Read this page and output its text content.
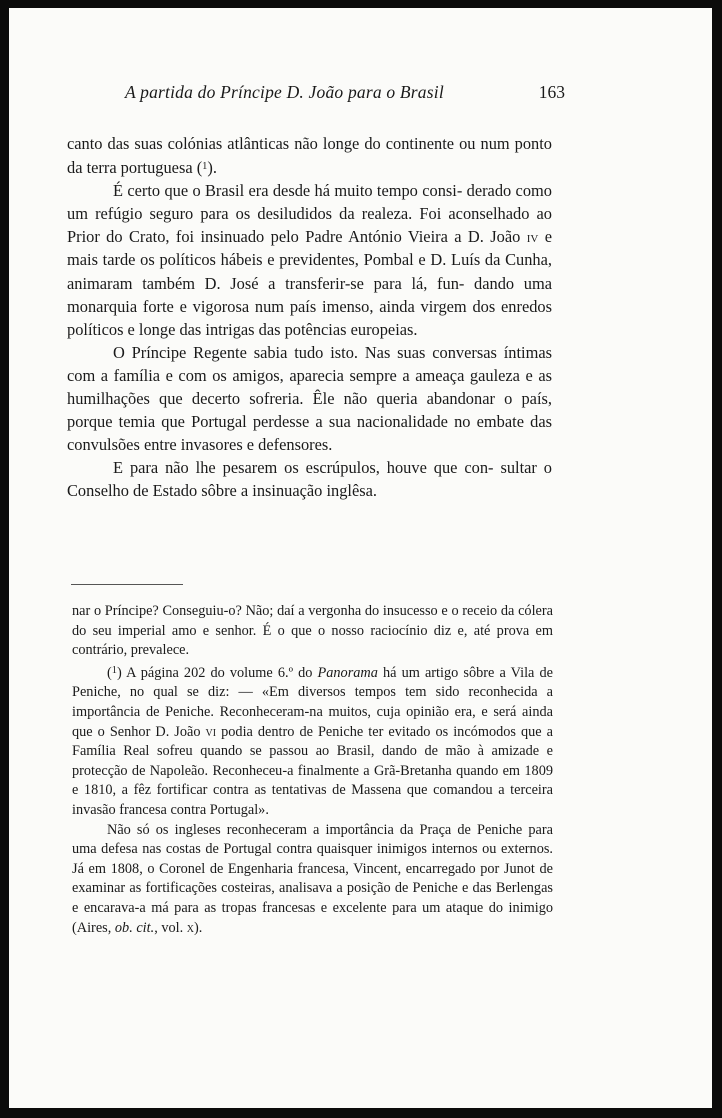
A partida do Príncipe D. João para o Brasil	163

canto das suas colónias atlânticas não longe do continente ou num ponto da terra portuguesa ($^1$).

É certo que o Brasil era desde há muito tempo consi- derado como um refúgio seguro para os desiludidos da realeza. Foi aconselhado ao Prior do Crato, foi insinuado pelo Padre António Vieira a D. João iv e mais tarde os políticos hábeis e previdentes, Pombal e D. Luís da Cunha, animaram também D. José a transferir-se para lá, fun- dando uma monarquia forte e vigorosa num país imenso, ainda virgem dos enredos políticos e longe das intrigas das potências europeias.

O Príncipe Regente sabia tudo isto. Nas suas conversas íntimas com a família e com os amigos, aparecia sempre a ameaça gauleza e as humilhações que decerto sofreria. Êle não queria abandonar o país, porque temia que Portugal perdesse a sua nacionalidade no embate das convulsões entre invasores e defensores.

E para não lhe pesarem os escrúpulos, houve que con- sultar o Conselho de Estado sôbre a insinuação inglêsa.

nar o Príncipe? Conseguiu-o? Não; daí a vergonha do insucesso e o receio da cólera do seu imperial amo e senhor. É o que o nosso raciocínio diz e, até prova em contrário, prevalece.

($^1$) A página 202 do volume 6.º do Panorama há um artigo sôbre a Vila de Peniche, no qual se diz: — «Em diversos tempos tem sido reconhecida a importância de Peniche. Reconheceram-na muitos, cuja opinião era, e será ainda que o Senhor D. João vi podia dentro de Peniche ter evitado os incómodos que a Família Real sofreu quando se passou ao Brasil, dando de mão à amizade e protecção de Napoleão. Reconheceu-a finalmente a Grã-Bretanha quando em 1809 e 1810, a fêz fortificar contra as tentativas de Massena que comandou a terceira invasão francesa contra Portugal».

Não só os ingleses reconheceram a importância da Praça de Peniche para uma defesa nas costas de Portugal contra quaisquer inimigos internos ou externos. Já em 1808, o Coronel de Engenharia francesa, Vincent, encarregado por Junot de examinar as fortificações costeiras, analisava a posição de Peniche e das Berlengas e encarava-a má para as tropas francesas e excelente para um ataque do inimigo (Aires, ob. cit., vol. x).
